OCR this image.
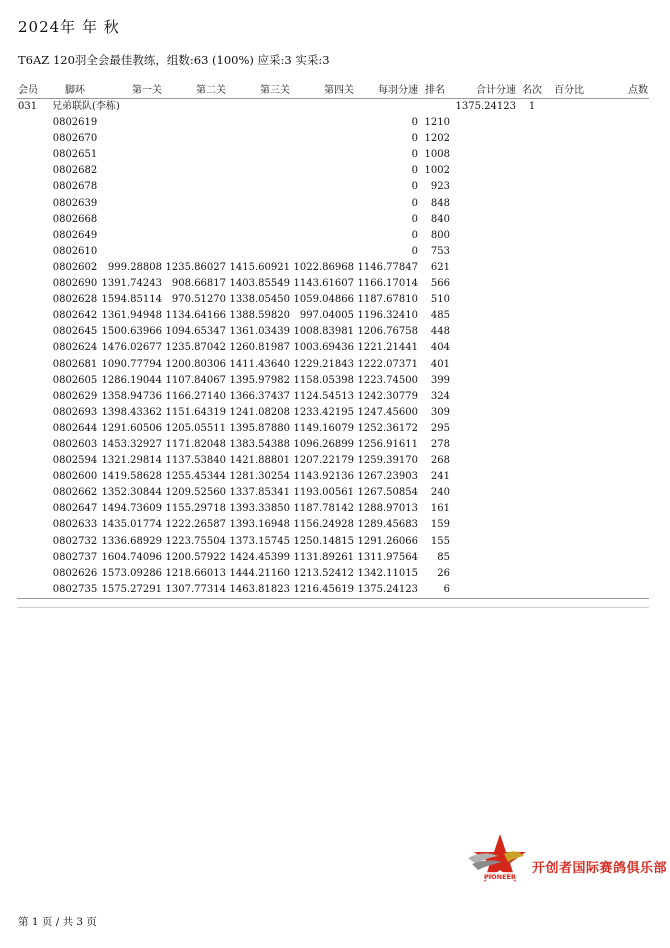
2024年 年 秋
T6AZ 120羽全会最佳教练，组数:63 (100%) 应采:3 实采:3
会员	脚环	第一关	第二关	第三关	第四关	每羽分速	排名	合计分速	名次	百分比	点数
031	兄弟联队(李栋)							1375.24123	1		
	0802619					0	1210				
	0802670					0	1202				
	0802651					0	1008				
	0802682					0	1002				
	0802678					0	923				
	0802639					0	848				
	0802668					0	840				
	0802649					0	800				
	0802610					0	753				
	0802602	999.28808	1235.86027	1415.60921	1022.86968	1146.77847	621				
	0802690	1391.74243	908.66817	1403.85549	1143.61607	1166.17014	566				
	0802628	1594.85114	970.51270	1338.05450	1059.04866	1187.67810	510				
	0802642	1361.94948	1134.64166	1388.59820	997.04005	1196.32410	485				
	0802645	1500.63966	1094.65347	1361.03439	1008.83981	1206.76758	448				
	0802624	1476.02677	1235.87042	1260.81987	1003.69436	1221.21441	404				
	0802681	1090.77794	1200.80306	1411.43640	1229.21843	1222.07371	401				
	0802605	1286.19044	1107.84067	1395.97982	1158.05398	1223.74500	399				
	0802629	1358.94736	1166.27140	1366.37437	1124.54513	1242.30779	324				
	0802693	1398.43362	1151.64319	1241.08208	1233.42195	1247.45600	309				
	0802644	1291.60506	1205.05511	1395.87880	1149.16079	1252.36172	295				
	0802603	1453.32927	1171.82048	1383.54388	1096.26899	1256.91611	278				
	0802594	1321.29814	1137.53840	1421.88801	1207.22179	1259.39170	268				
	0802600	1419.58628	1255.45344	1281.30254	1143.92136	1267.23903	241				
	0802662	1352.30844	1209.52560	1337.85341	1193.00561	1267.50854	240				
	0802647	1494.73609	1155.29718	1393.33850	1187.78142	1288.97013	161				
	0802633	1435.01774	1222.26587	1393.16948	1156.24928	1289.45683	159				
	0802732	1336.68929	1223.75504	1373.15745	1250.14815	1291.26066	155				
	0802737	1604.74096	1200.57922	1424.45399	1131.89261	1311.97564	85				
	0802626	1573.09286	1218.66013	1444.21160	1213.52412	1342.11015	26				
	0802735	1575.27291	1307.77314	1463.81823	1216.45619	1375.24123	6				
PIONEER
开创者国际赛鸽俱乐部
第 1 页 / 共 3 页
